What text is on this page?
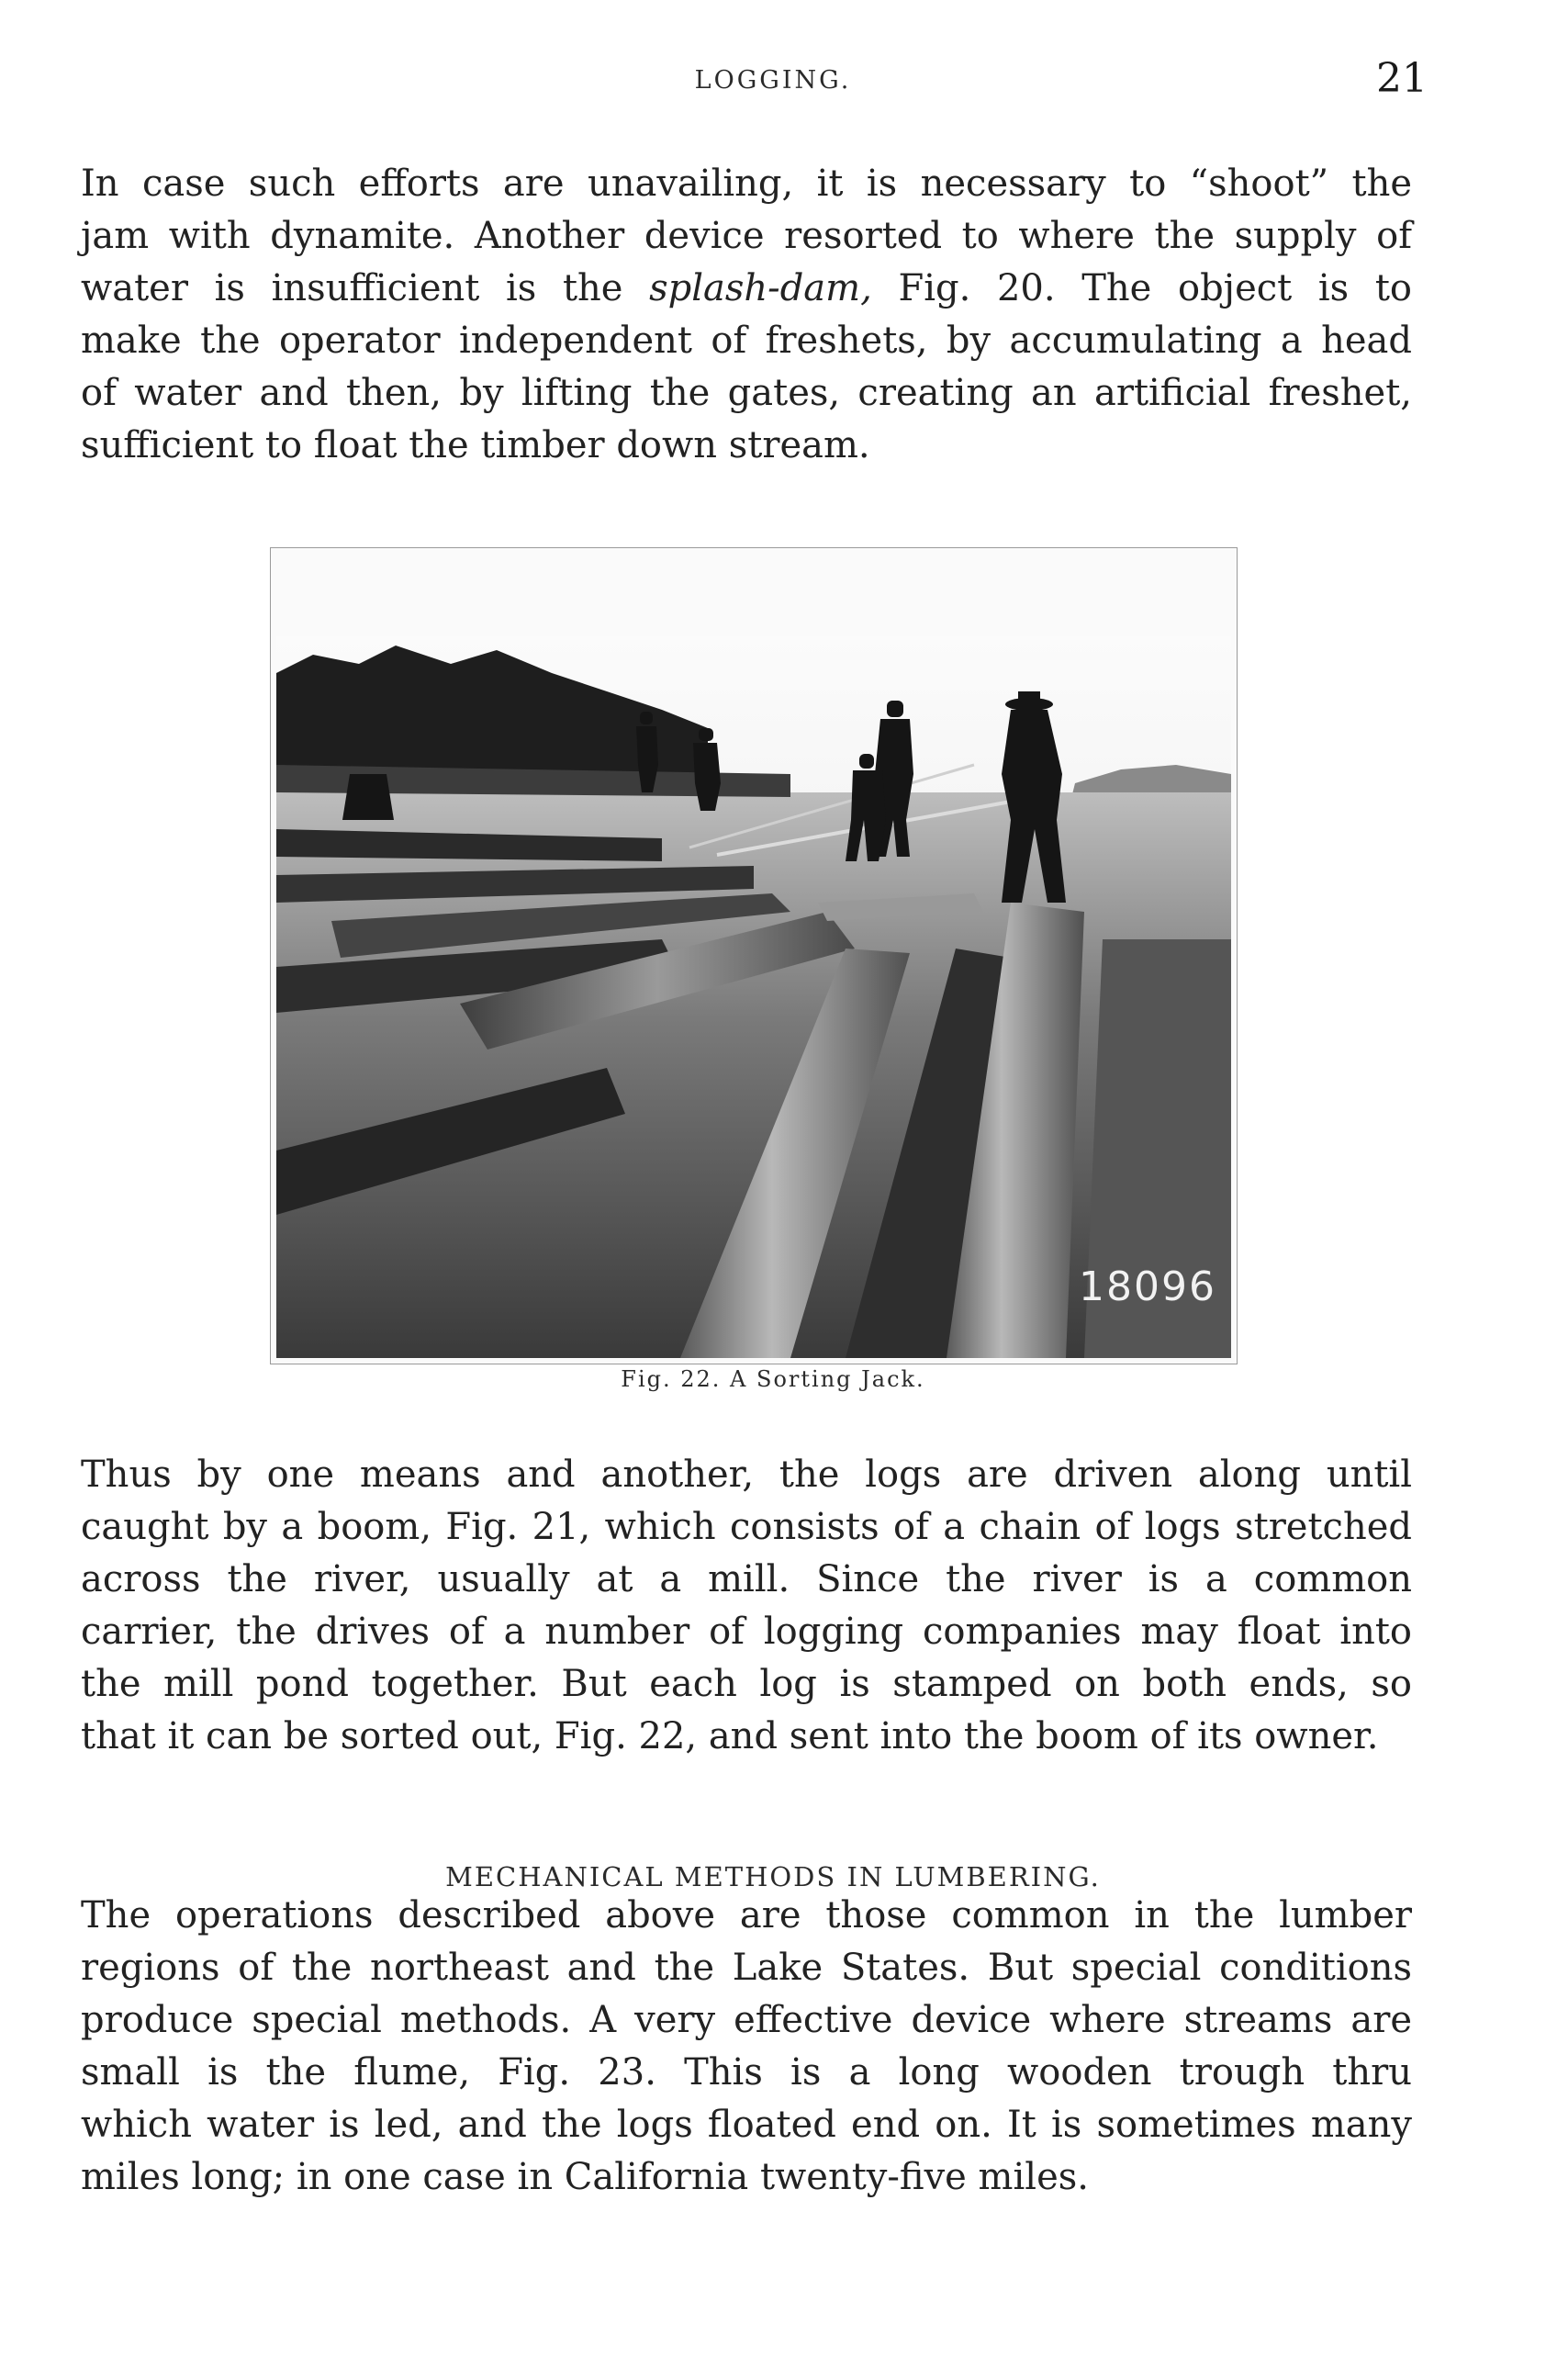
LOGGING.	21
In case such efforts are unavailing, it is necessary to “shoot” the
jam with dynamite. Another device resorted to where the supply of
water is insufficient is the splash-dam, Fig. 20. The object is to
make the operator independent of freshets, by accumulating a head
of water and then, by lifting the gates, creating an artificial freshet,
sufficient to float the timber down stream.
18096
Fig. 22. A Sorting Jack.
Thus by one means and another, the logs are driven along until
caught by a boom, Fig. 21, which consists of a chain of logs stretched
across the river, usually at a mill. Since the river is a common
carrier, the drives of a number of logging companies may float into
the mill pond together. But each log is stamped on both ends, so
that it can be sorted out, Fig. 22, and sent into the boom of its owner.
MECHANICAL METHODS IN LUMBERING.
The operations described above are those common in the lumber
regions of the northeast and the Lake States. But special conditions
produce special methods. A very effective device where streams are
small is the flume, Fig. 23. This is a long wooden trough thru
which water is led, and the logs floated end on. It is sometimes many
miles long; in one case in California twenty-five miles.
